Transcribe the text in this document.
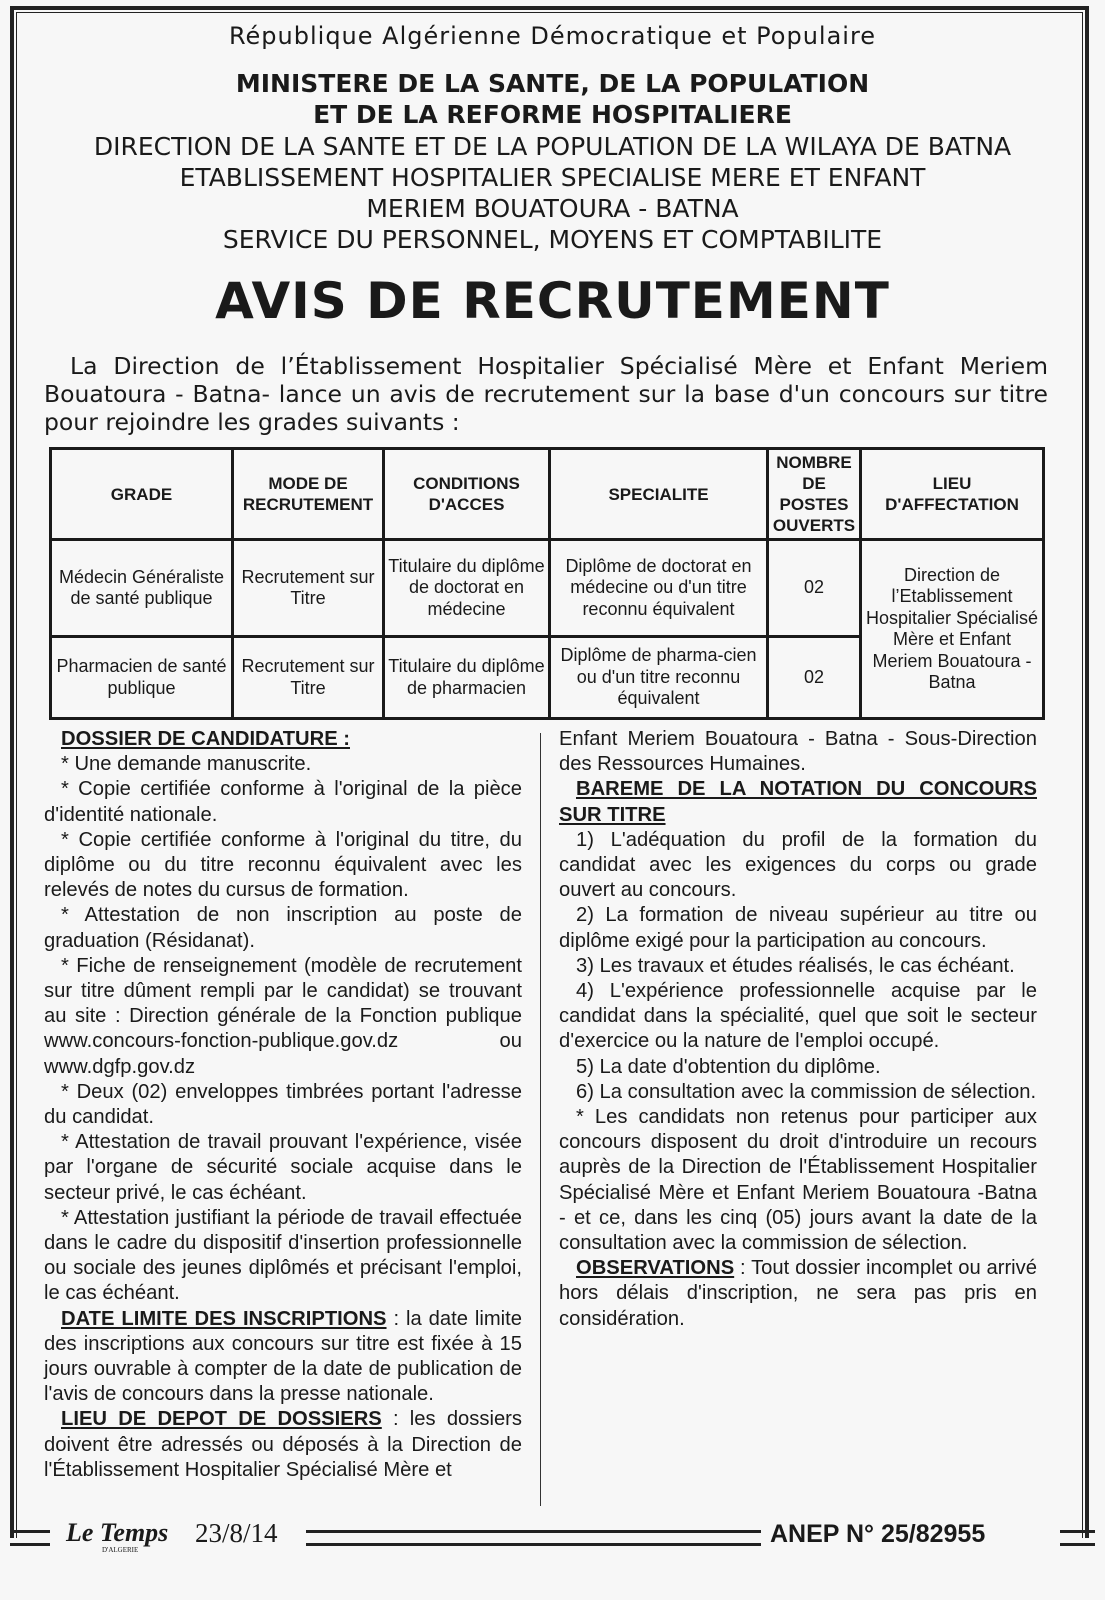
République Algérienne Démocratique et Populaire
MINISTERE DE LA SANTE, DE LA POPULATION
ET DE LA REFORME HOSPITALIERE
DIRECTION DE LA SANTE ET DE LA POPULATION DE LA WILAYA DE BATNA
ETABLISSEMENT HOSPITALIER SPECIALISE MERE ET ENFANT
MERIEM BOUATOURA - BATNA
SERVICE DU PERSONNEL, MOYENS ET COMPTABILITE
AVIS DE RECRUTEMENT
La Direction de l’Établissement Hospitalier Spécialisé Mère et Enfant Meriem Bouatoura - Batna- lance un avis de recrutement sur la base d'un concours sur titre pour rejoindre les grades suivants :
GRADE	MODE DE RECRUTEMENT	CONDITIONS D'ACCES	SPECIALITE	NOMBRE DE POSTES OUVERTS	LIEU D'AFFECTATION
Médecin Généraliste de santé publique	Recrutement sur Titre	Titulaire du diplôme de doctorat en médecine	Diplôme de doctorat en médecine ou d'un titre reconnu équivalent	02	Direction de l’Etablissement Hospitalier Spécialisé Mère et Enfant Meriem Bouatoura - Batna
Pharmacien de santé publique	Recrutement sur Titre	Titulaire du diplôme de pharmacien	Diplôme de pharma-cien ou d'un titre reconnu équivalent	02	

DOSSIER DE CANDIDATURE :

* Une demande manuscrite.

* Copie certifiée conforme à l'original de la pièce d'identité nationale.

* Copie certifiée conforme à l'original du titre, du diplôme ou du titre reconnu équivalent avec les relevés de notes du cursus de formation.

* Attestation de non inscription au poste de graduation (Résidanat).

* Fiche de renseignement (modèle de recrutement sur titre dûment rempli par le candidat) se trouvant au site : Direction générale de la Fonction publique www.concours-fonction-publique.gov.dz ou www.dgfp.gov.dz

* Deux (02) enveloppes timbrées portant l'adresse du candidat.

* Attestation de travail prouvant l'expérience, visée par l'organe de sécurité sociale acquise dans le secteur privé, le cas échéant.

* Attestation justifiant la période de travail effectuée dans le cadre du dispositif d'insertion professionnelle ou sociale des jeunes diplômés et précisant l'emploi, le cas échéant.

DATE LIMITE DES INSCRIPTIONS : la date limite des inscriptions aux concours sur titre est fixée à 15 jours ouvrable à compter de la date de publication de l'avis de concours dans la presse nationale.

LIEU DE DEPOT DE DOSSIERS : les dossiers doivent être adressés ou déposés à la Direction de l'Établissement Hospitalier Spécialisé Mère et

Enfant Meriem Bouatoura - Batna - Sous-Direction des Ressources Humaines.

BAREME DE LA NOTATION DU CONCOURS SUR TITRE

1) L'adéquation du profil de la formation du candidat avec les exigences du corps ou grade ouvert au concours.

2) La formation de niveau supérieur au titre ou diplôme exigé pour la participation au concours.

3) Les travaux et études réalisés, le cas échéant.

4) L'expérience professionnelle acquise par le candidat dans la spécialité, quel que soit le secteur d'exercice ou la nature de l'emploi occupé.

5) La date d'obtention du diplôme.

6) La consultation avec la commission de sélection.

* Les candidats non retenus pour participer aux concours disposent du droit d'introduire un recours auprès de la Direction de l'Établissement Hospitalier Spécialisé Mère et Enfant Meriem Bouatoura -Batna - et ce, dans les cinq (05) jours avant la date de la consultation avec la commission de sélection.

OBSERVATIONS : Tout dossier incomplet ou arrivé hors délais d'inscription, ne sera pas pris en considération.

Le Temps
D'ALGERIE
23/8/14	ANEP N° 25/82955
